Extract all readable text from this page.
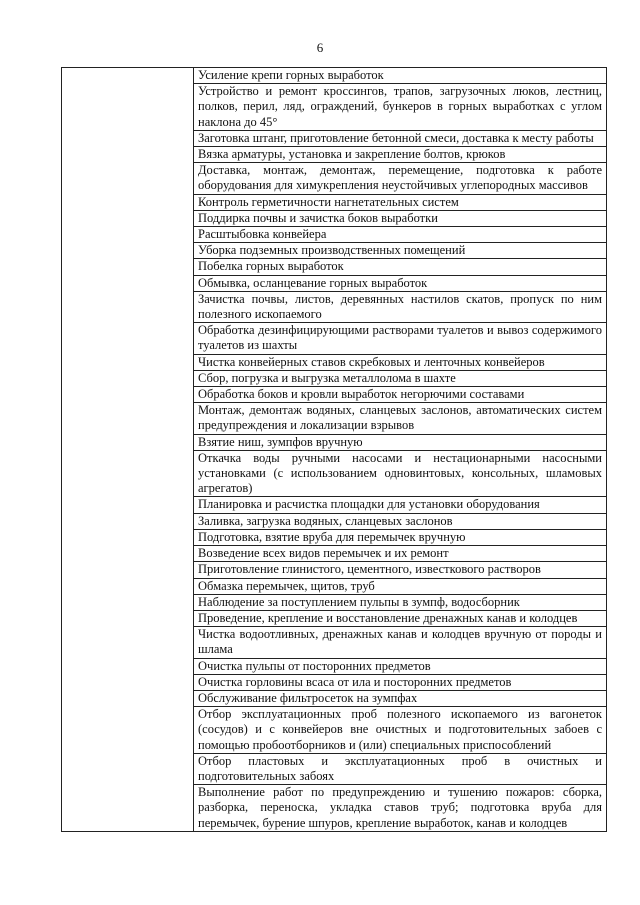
6
	Усиление крепи горных выработок
Устройство и ремонт кроссингов, трапов, загрузочных люков, лестниц, полков, перил, ляд, ограждений, бункеров в горных выработках с углом наклона до 45°
Заготовка штанг, приготовление бетонной смеси, доставка к месту работы
Вязка арматуры, установка и закрепление болтов, крюков
Доставка, монтаж, демонтаж, перемещение, подготовка к работе оборудования для химукрепления неустойчивых углепородных массивов
Контроль герметичности нагнетательных систем
Поддирка почвы и зачистка боков выработки
Расштыбовка конвейера
Уборка подземных производственных помещений
Побелка горных выработок
Обмывка, осланцевание горных выработок
Зачистка почвы, листов, деревянных настилов скатов, пропуск по ним полезного ископаемого
Обработка дезинфицирующими растворами туалетов и вывоз содержимого туалетов из шахты
Чистка конвейерных ставов скребковых и ленточных конвейеров
Сбор, погрузка и выгрузка металлолома в шахте
Обработка боков и кровли выработок негорючими составами
Монтаж, демонтаж водяных, сланцевых заслонов, автоматических систем предупреждения и локализации взрывов
Взятие ниш, зумпфов вручную
Откачка воды ручными насосами и нестационарными насосными установками (с использованием одновинтовых, консольных, шламовых агрегатов)
Планировка и расчистка площадки для установки оборудования
Заливка, загрузка водяных, сланцевых заслонов
Подготовка, взятие вруба для перемычек вручную
Возведение всех видов перемычек и их ремонт
Приготовление глинистого, цементного, известкового растворов
Обмазка перемычек, щитов, труб
Наблюдение за поступлением пульпы в зумпф, водосборник
Проведение, крепление и восстановление дренажных канав и колодцев
Чистка водоотливных, дренажных канав и колодцев вручную от породы и шлама
Очистка пульпы от посторонних предметов
Очистка горловины всаса от ила и посторонних предметов
Обслуживание фильтросеток на зумпфах
Отбор эксплуатационных проб полезного ископаемого из вагонеток (сосудов) и с конвейеров вне очистных и подготовительных забоев с помощью пробоотборников и (или) специальных приспособлений
Отбор пластовых и эксплуатационных проб в очистных и подготовительных забоях
Выполнение работ по предупреждению и тушению пожаров: сборка, разборка, переноска, укладка ставов труб; подготовка вруба для перемычек, бурение шпуров, крепление выработок, канав и колодцев
